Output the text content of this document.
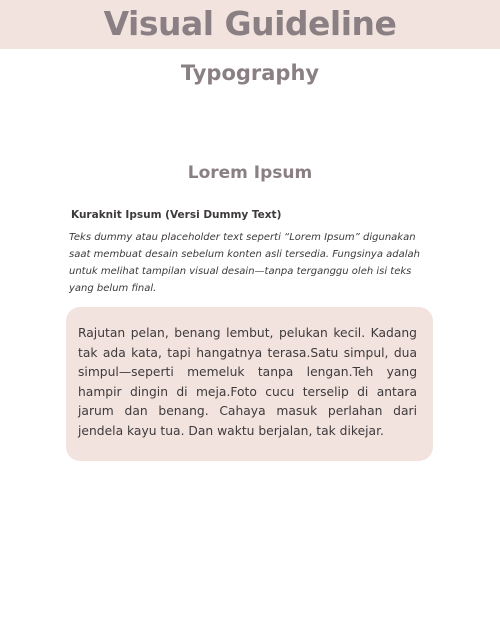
Visual Guideline
Typography
Lorem Ipsum

Kuraknit Ipsum (Versi Dummy Text)

Teks dummy atau placeholder text seperti “Lorem Ipsum” digunakan saat membuat desain sebelum konten asli tersedia. Fungsinya adalah untuk melihat tampilan visual desain—tanpa terganggu oleh isi teks yang belum final.

Rajutan pelan, benang lembut, pelukan kecil. Kadang tak ada kata, tapi hangatnya terasa.Satu simpul, dua simpul—seperti memeluk tanpa lengan.Teh yang hampir dingin di meja.Foto cucu terselip di antara jarum dan benang. Cahaya masuk perlahan dari jendela kayu tua. Dan waktu berjalan, tak dikejar.
